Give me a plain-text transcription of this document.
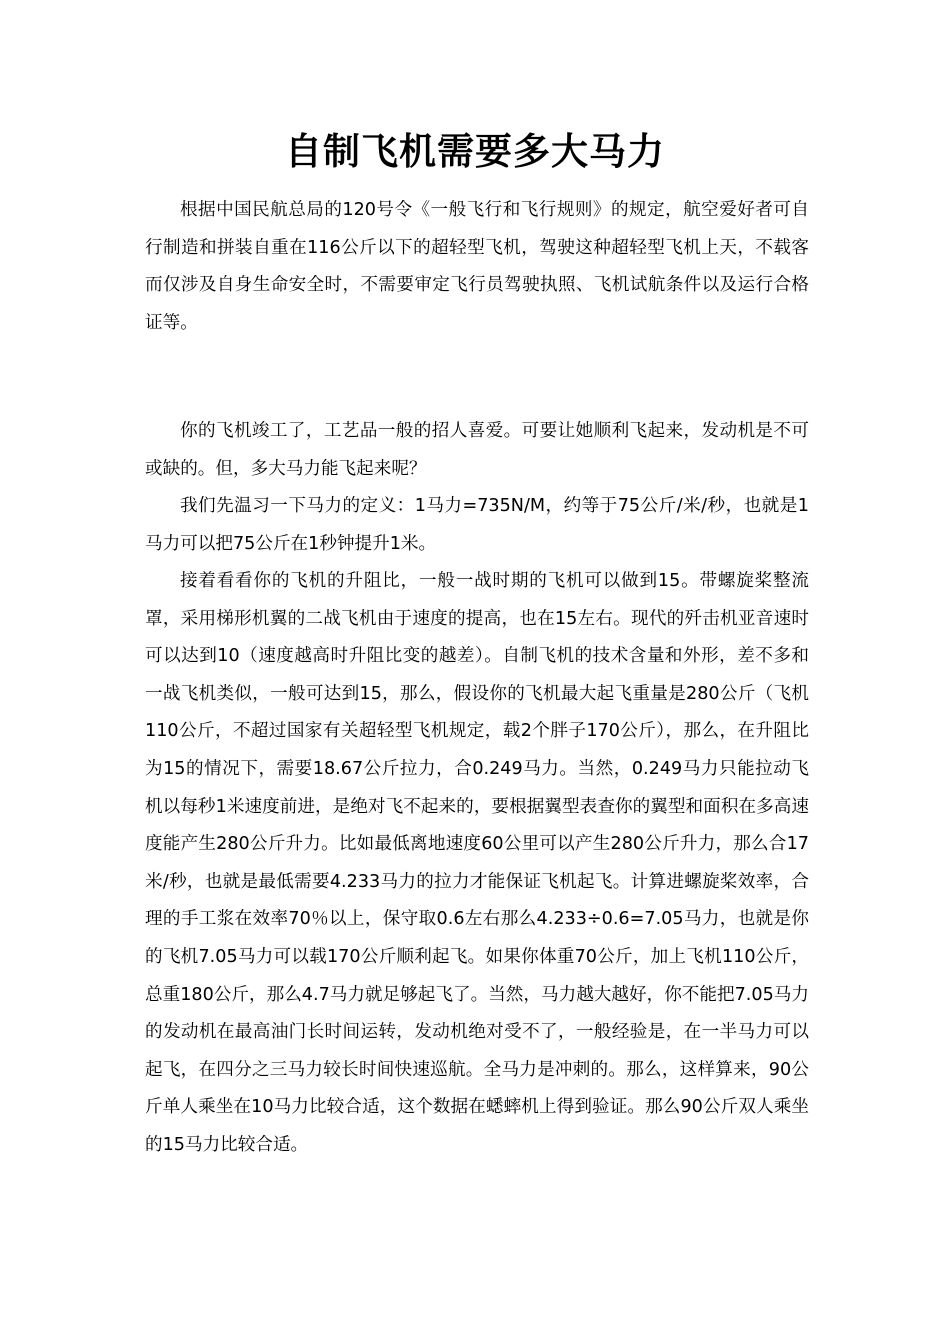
自制飞机需要多大马力

根据中国民航总局的120号令《一般飞行和飞行规则》的规定，航空爱好者可自行制造和拼装自重在116公斤以下的超轻型飞机，驾驶这种超轻型飞机上天，不载客而仅涉及自身生命安全时，不需要审定飞行员驾驶执照、飞机试航条件以及运行合格证等。

你的飞机竣工了，工艺品一般的招人喜爱。可要让她顺利飞起来，发动机是不可或缺的。但，多大马力能飞起来呢？

我们先温习一下马力的定义：1马力=735N/M，约等于75公斤/米/秒，也就是1马力可以把75公斤在1秒钟提升1米。

接着看看你的飞机的升阻比，一般一战时期的飞机可以做到15。带螺旋桨整流罩，采用梯形机翼的二战飞机由于速度的提高，也在15左右。现代的歼击机亚音速时可以达到10（速度越高时升阻比变的越差）。自制飞机的技术含量和外形，差不多和一战飞机类似，一般可达到15，那么，假设你的飞机最大起飞重量是280公斤（飞机110公斤，不超过国家有关超轻型飞机规定，载2个胖子170公斤），那么，在升阻比为15的情况下，需要18.67公斤拉力，合0.249马力。当然，0.249马力只能拉动飞机以每秒1米速度前进，是绝对飞不起来的，要根据翼型表查你的翼型和面积在多高速度能产生280公斤升力。比如最低离地速度60公里可以产生280公斤升力，那么合17米/秒，也就是最低需要4.233马力的拉力才能保证飞机起飞。计算进螺旋桨效率，合理的手工浆在效率70％以上，保守取0.6左右那么4.233÷0.6=7.05马力，也就是你的飞机7.05马力可以载170公斤顺利起飞。如果你体重70公斤，加上飞机110公斤，总重180公斤，那么4.7马力就足够起飞了。当然，马力越大越好，你不能把7.05马力的发动机在最高油门长时间运转，发动机绝对受不了，一般经验是，在一半马力可以起飞，在四分之三马力较长时间快速巡航。全马力是冲刺的。那么，这样算来，90公斤单人乘坐在10马力比较合适，这个数据在蟋蟀机上得到验证。那么90公斤双人乘坐的15马力比较合适。
